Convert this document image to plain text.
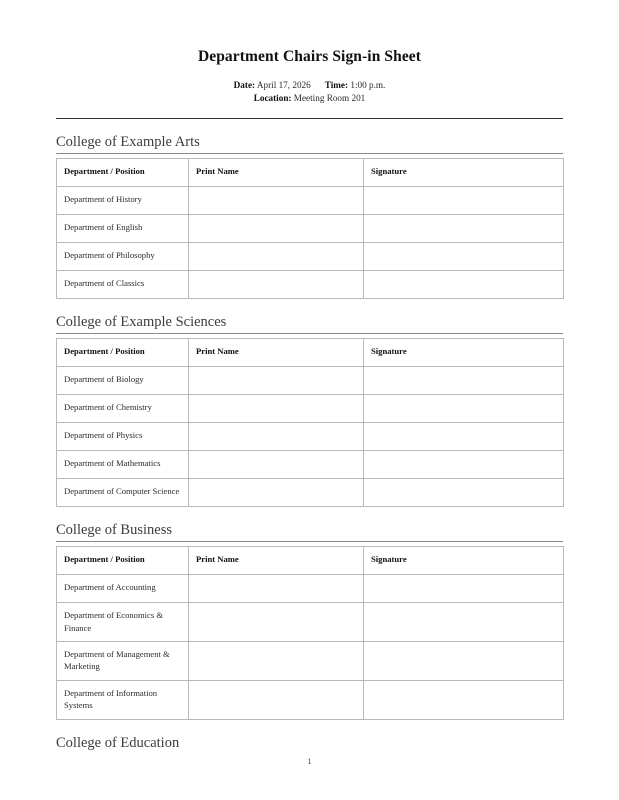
Department Chairs Sign-in Sheet
Date: April 17, 2026 Time: 1:00 p.m.
Location: Meeting Room 201
College of Example Arts
Department / Position	Print Name	Signature
Department of History		
Department of English		
Department of Philosophy		
Department of Classics		
College of Example Sciences
Department / Position	Print Name	Signature
Department of Biology		
Department of Chemistry		
Department of Physics		
Department of Mathematics		
Department of Computer Science		
College of Business
Department / Position	Print Name	Signature
Department of Accounting		
Department of Economics & Finance		
Department of Management & Marketing		
Department of Information Systems		
College of Education
1
